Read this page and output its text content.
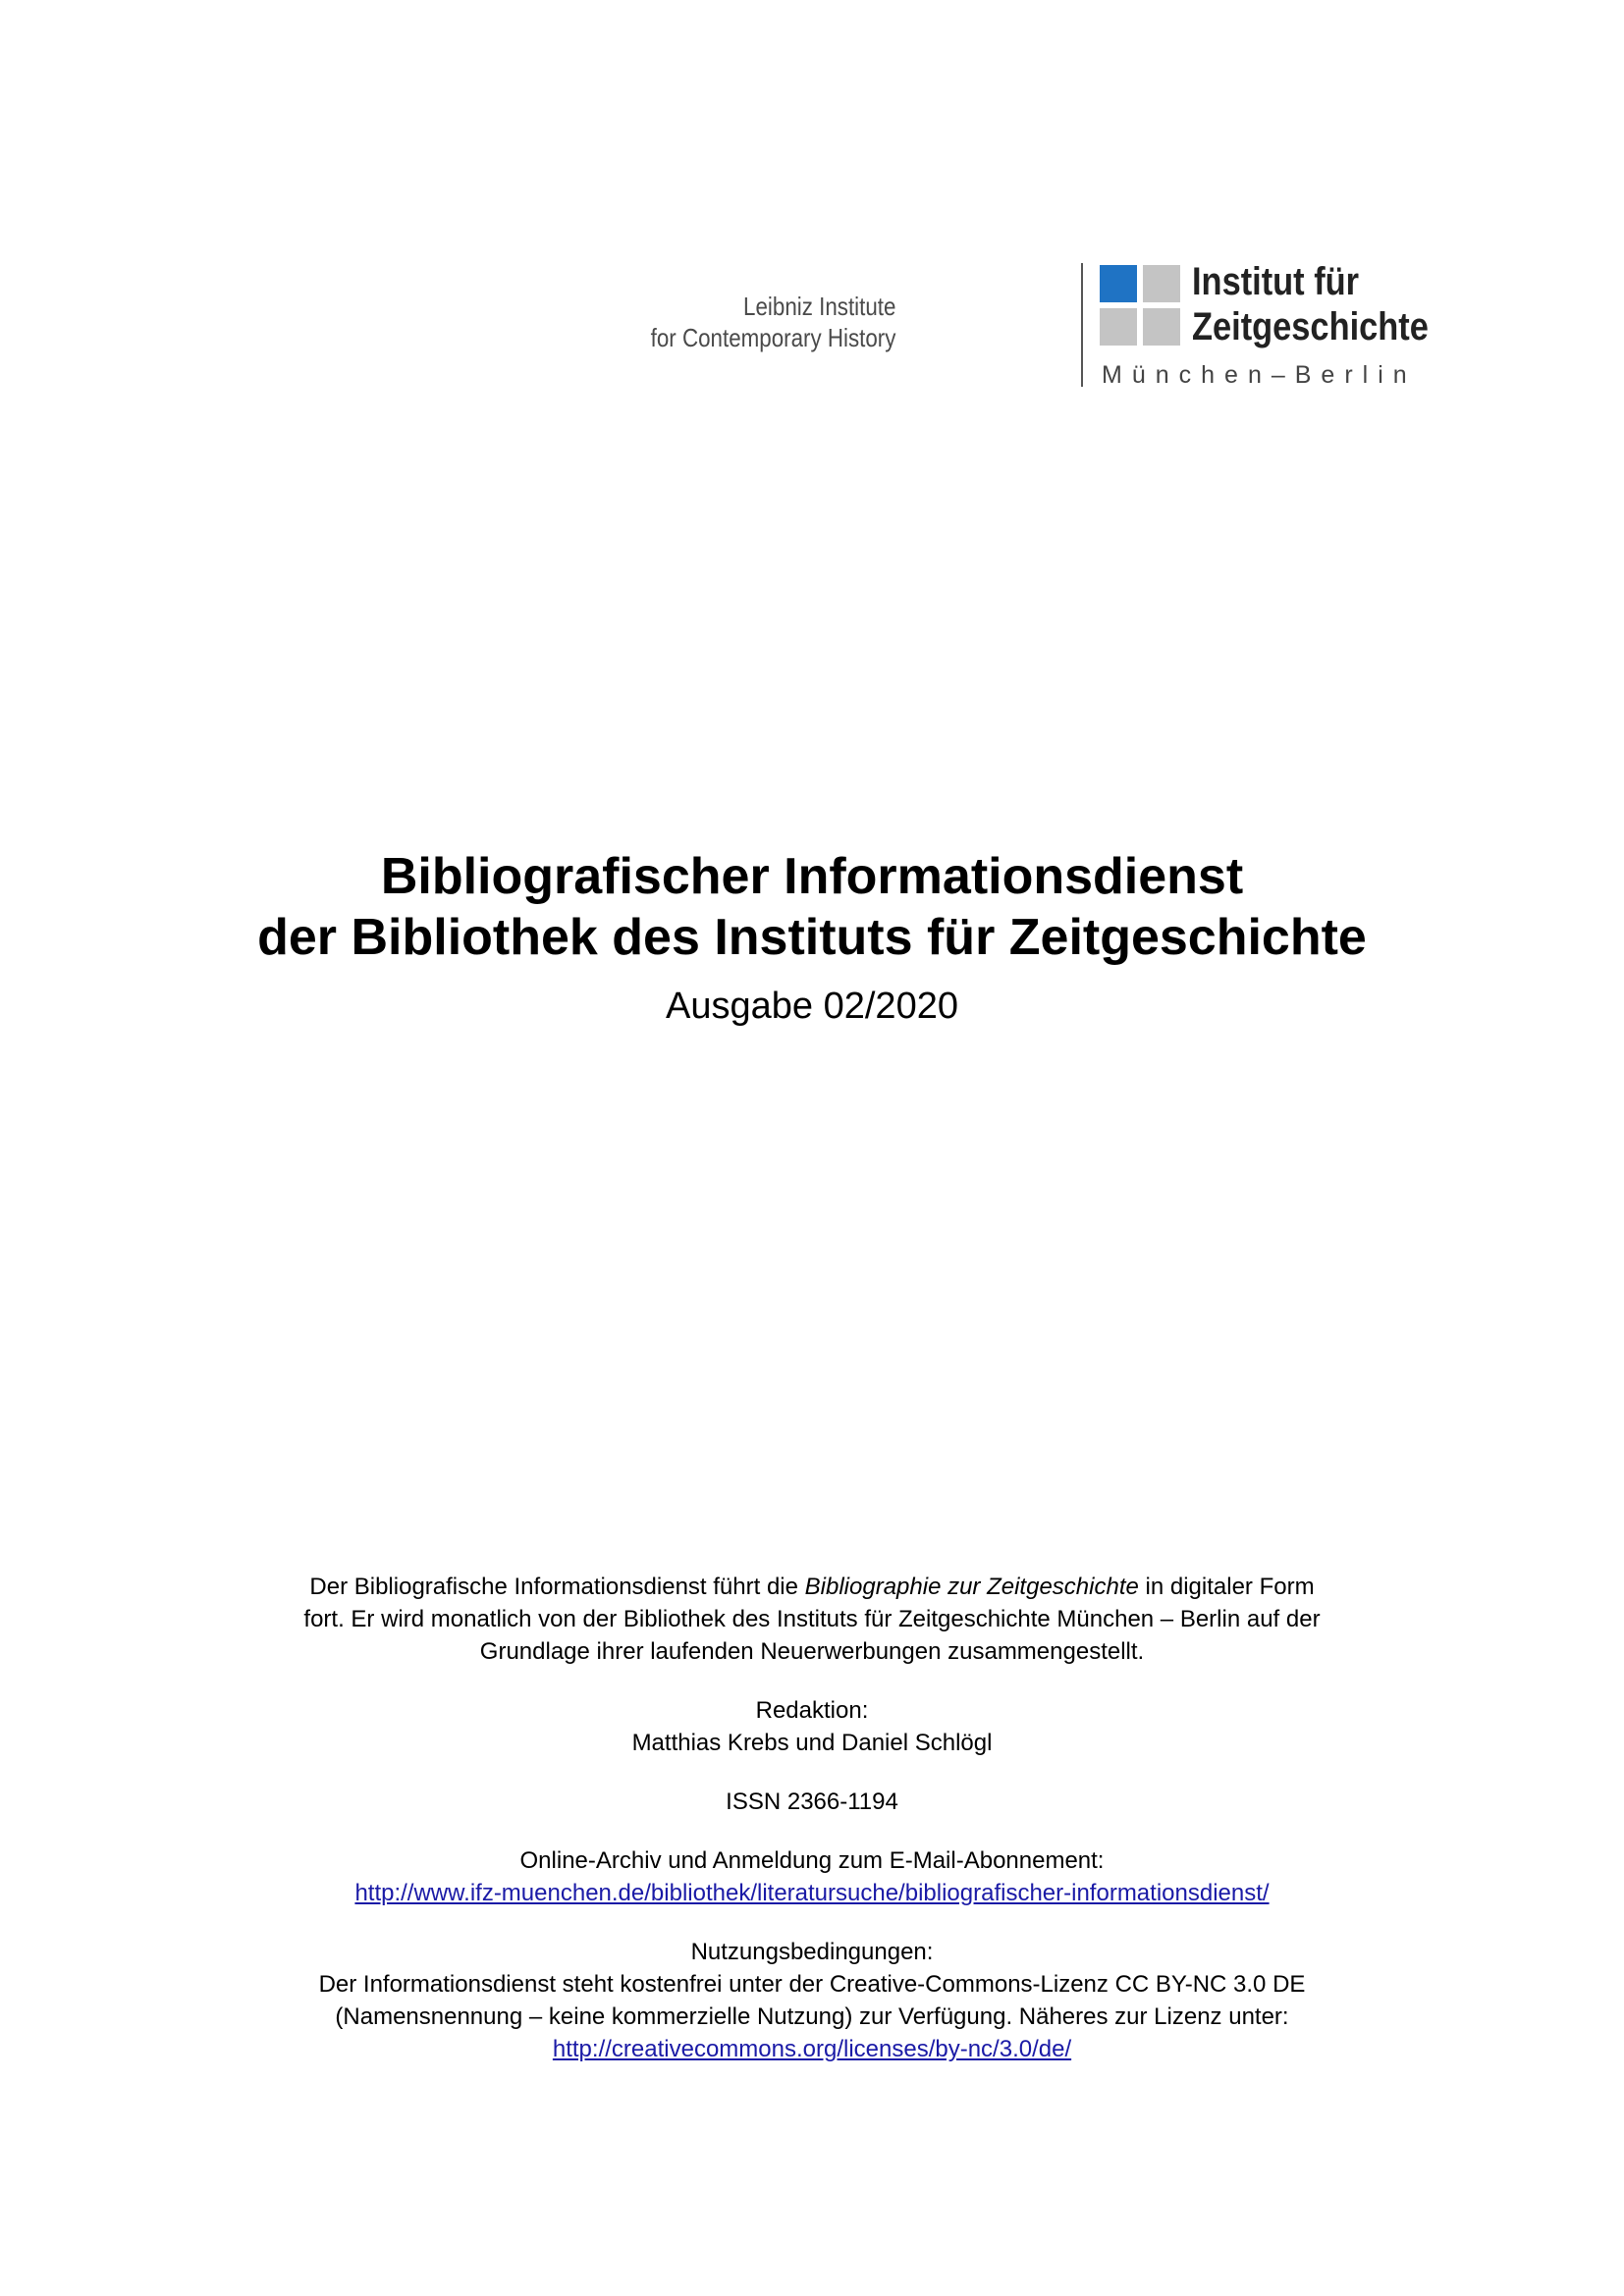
Leibniz Institute
for Contemporary History
Institut für
Zeitgeschichte
München–Berlin
Bibliografischer Informationsdienst
der Bibliothek des Instituts für Zeitgeschichte
Ausgabe 02/2020

Der Bibliografische Informationsdienst führt die Bibliographie zur Zeitgeschichte in digitaler Form
fort. Er wird monatlich von der Bibliothek des Instituts für Zeitgeschichte München – Berlin auf der
Grundlage ihrer laufenden Neuerwerbungen zusammengestellt.

Redaktion:
Matthias Krebs und Daniel Schlögl

ISSN 2366-1194

Online-Archiv und Anmeldung zum E-Mail-Abonnement:
http://www.ifz-muenchen.de/bibliothek/literatursuche/bibliografischer-informationsdienst/

Nutzungsbedingungen:
Der Informationsdienst steht kostenfrei unter der Creative-Commons-Lizenz CC BY-NC 3.0 DE
(Namensnennung – keine kommerzielle Nutzung) zur Verfügung. Näheres zur Lizenz unter:
http://creativecommons.org/licenses/by-nc/3.0/de/
